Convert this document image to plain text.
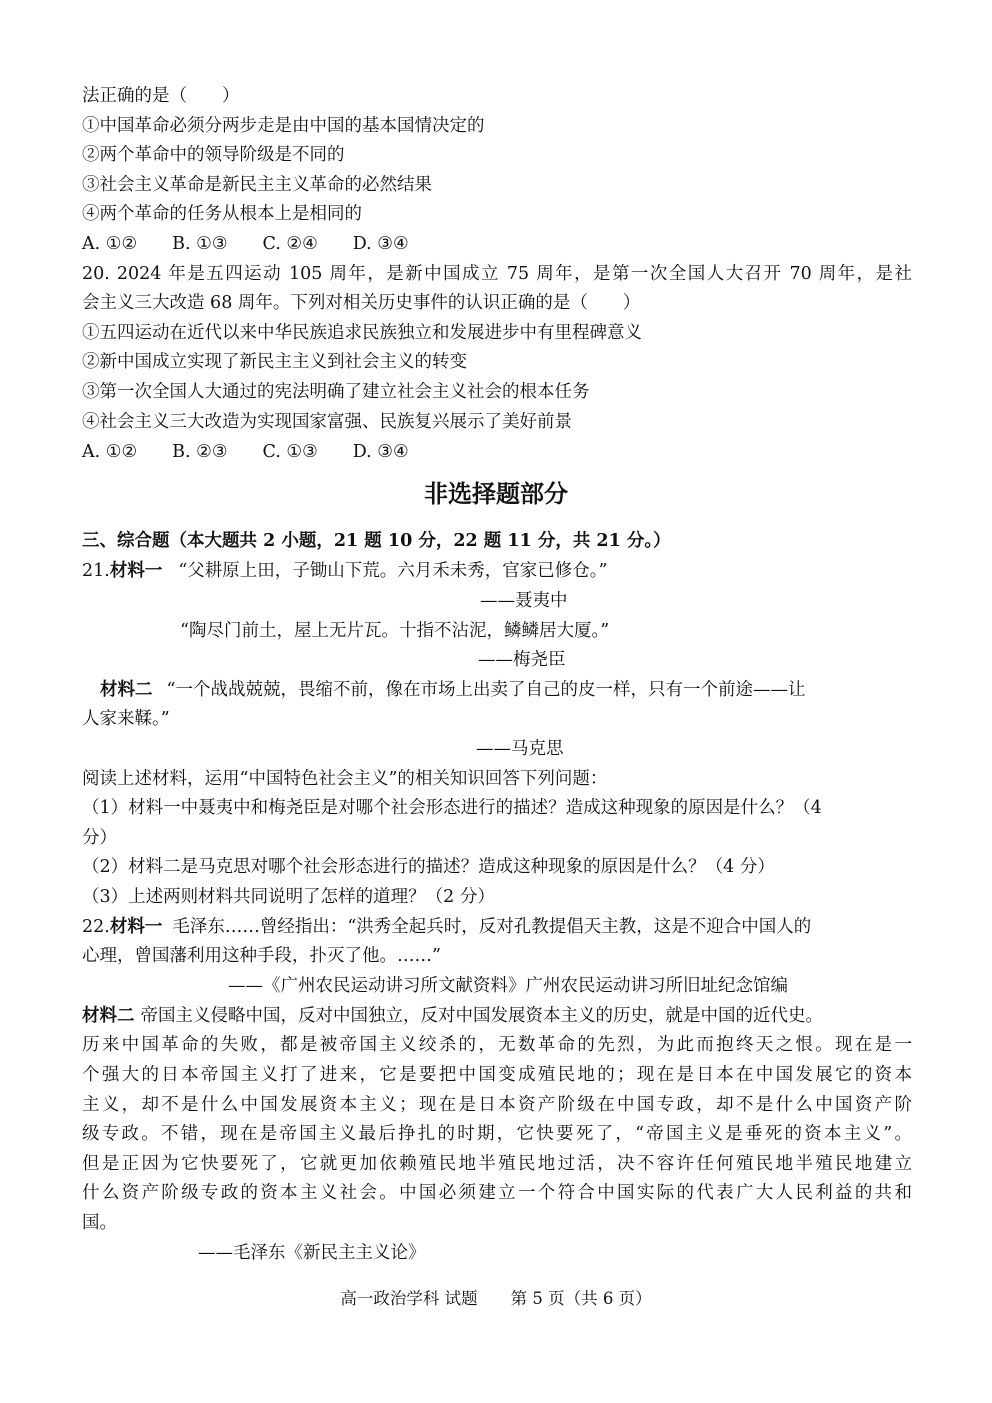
法正确的是（　　）
①中国革命必须分两步走是由中国的基本国情决定的
②两个革命中的领导阶级是不同的
③社会主义革命是新民主主义革命的必然结果
④两个革命的任务从根本上是相同的
A. ①②　　B. ①③　　C. ②④　　D. ③④
20. 2024 年是五四运动 105 周年，是新中国成立 75 周年，是第一次全国人大召开 70 周年，是社
会主义三大改造 68 周年。下列对相关历史事件的认识正确的是（　　）
①五四运动在近代以来中华民族追求民族独立和发展进步中有里程碑意义
②新中国成立实现了新民主主义到社会主义的转变
③第一次全国人大通过的宪法明确了建立社会主义社会的根本任务
④社会主义三大改造为实现国家富强、民族复兴展示了美好前景
A. ①②　　B. ②③　　C. ①③　　D. ③④
非选择题部分
三、综合题（本大题共 2 小题，21 题 10 分，22 题 11 分，共 21 分。）
21.材料一 “父耕原上田，子锄山下荒。六月禾未秀，官家已修仓。”
——聂夷中
“陶尽门前土，屋上无片瓦。十指不沾泥，鳞鳞居大厦。”
——梅尧臣
材料二 “一个战战兢兢，畏缩不前，像在市场上出卖了自己的皮一样，只有一个前途——让
人家来鞣。”
——马克思
阅读上述材料，运用“中国特色社会主义”的相关知识回答下列问题：
（1）材料一中聂夷中和梅尧臣是对哪个社会形态进行的描述？造成这种现象的原因是什么？（4
分）
（2）材料二是马克思对哪个社会形态进行的描述？造成这种现象的原因是什么？（4 分）
（3）上述两则材料共同说明了怎样的道理？（2 分）
22.材料一 毛泽东……曾经指出：“洪秀全起兵时，反对孔教提倡天主教，这是不迎合中国人的
心理，曾国藩利用这种手段，扑灭了他。……”
——《广州农民运动讲习所文献资料》广州农民运动讲习所旧址纪念馆编
材料二 帝国主义侵略中国，反对中国独立，反对中国发展资本主义的历史，就是中国的近代史。
历来中国革命的失败，都是被帝国主义绞杀的，无数革命的先烈，为此而抱终天之恨。现在是一
个强大的日本帝国主义打了进来，它是要把中国变成殖民地的；现在是日本在中国发展它的资本
主义，却不是什么中国发展资本主义；现在是日本资产阶级在中国专政，却不是什么中国资产阶
级专政。不错，现在是帝国主义最后挣扎的时期，它快要死了，“帝国主义是垂死的资本主义”。
但是正因为它快要死了，它就更加依赖殖民地半殖民地过活，决不容许任何殖民地半殖民地建立
什么资产阶级专政的资本主义社会。中国必须建立一个符合中国实际的代表广大人民利益的共和
国。
——毛泽东《新民主主义论》
高一政治学科 试题　　第 5 页（共 6 页）
